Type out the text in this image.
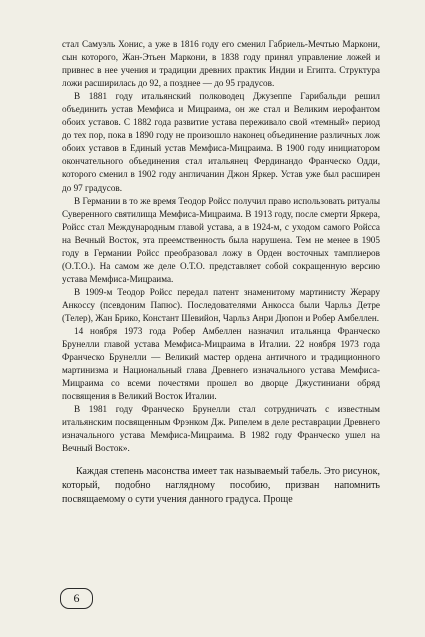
стал Самуэль Хонис, а уже в 1816 году его сменил Габриель-Мечтью Маркони, сын которого, Жан-Этьен Маркони, в 1838 году принял управление ложей и привнес в нее учения и традиции древних практик Индии и Египта. Структура ложи расширилась до 92, а позднее — до 95 градусов.

В 1881 году итальянский полководец Джузеппе Гарибальди решил объединить устав Мемфиса и Мицраима, он же стал и Великим иерофантом обоих уставов. С 1882 года развитие устава переживало свой «темный» период до тех пор, пока в 1890 году не произошло наконец объединение различных лож обоих уставов в Единый устав Мемфиса-Мицраима. В 1900 году инициатором окончательного объединения стал итальянец Фердинандо Франческо Одди, которого сменил в 1902 году англичанин Джон Яркер. Устав уже был расширен до 97 градусов.

В Германии в то же время Теодор Ройсс получил право использовать ритуалы Суверенного святилища Мемфиса-Мицраима. В 1913 году, после смерти Яркера, Ройсс стал Международным главой устава, а в 1924-м, с уходом самого Ройсса на Вечный Восток, эта преемственность была нарушена. Тем не менее в 1905 году в Германии Ройсс преобразовал ложу в Орден восточных тамплиеров (О.Т.О.). На самом же деле О.Т.О. представляет собой сокращенную версию устава Мемфиса-Мицраима.

В 1909-м Теодор Ройсс передал патент знаменитому мартинисту Жерару Анкоссу (псевдоним Папюс). Последователями Анкосса были Чарльз Детре (Телер), Жан Брико, Констант Шевийон, Чарльз Анри Дюпон и Робер Амбеллен.

14 ноября 1973 года Робер Амбеллен назначил итальянца Франческо Брунелли главой устава Мемфиса-Мицраима в Италии. 22 ноября 1973 года Франческо Брунелли — Великий мастер ордена античного и традиционного мартинизма и Национальный глава Древнего изначального устава Мемфиса-Мицраима со всеми почестями прошел во дворце Джустиниани обряд посвящения в Великий Восток Италии.

В 1981 году Франческо Брунелли стал сотрудничать с известным итальянским посвященным Фрэнком Дж. Рипелем в деле реставрации Древнего изначального устава Мемфиса-Мицраима. В 1982 году Франческо ушел на Вечный Восток».

Каждая степень масонства имеет так называемый табель. Это рисунок, который, подобно наглядному пособию, призван напомнить посвящаемому о сути учения данного градуса. Проще

6
